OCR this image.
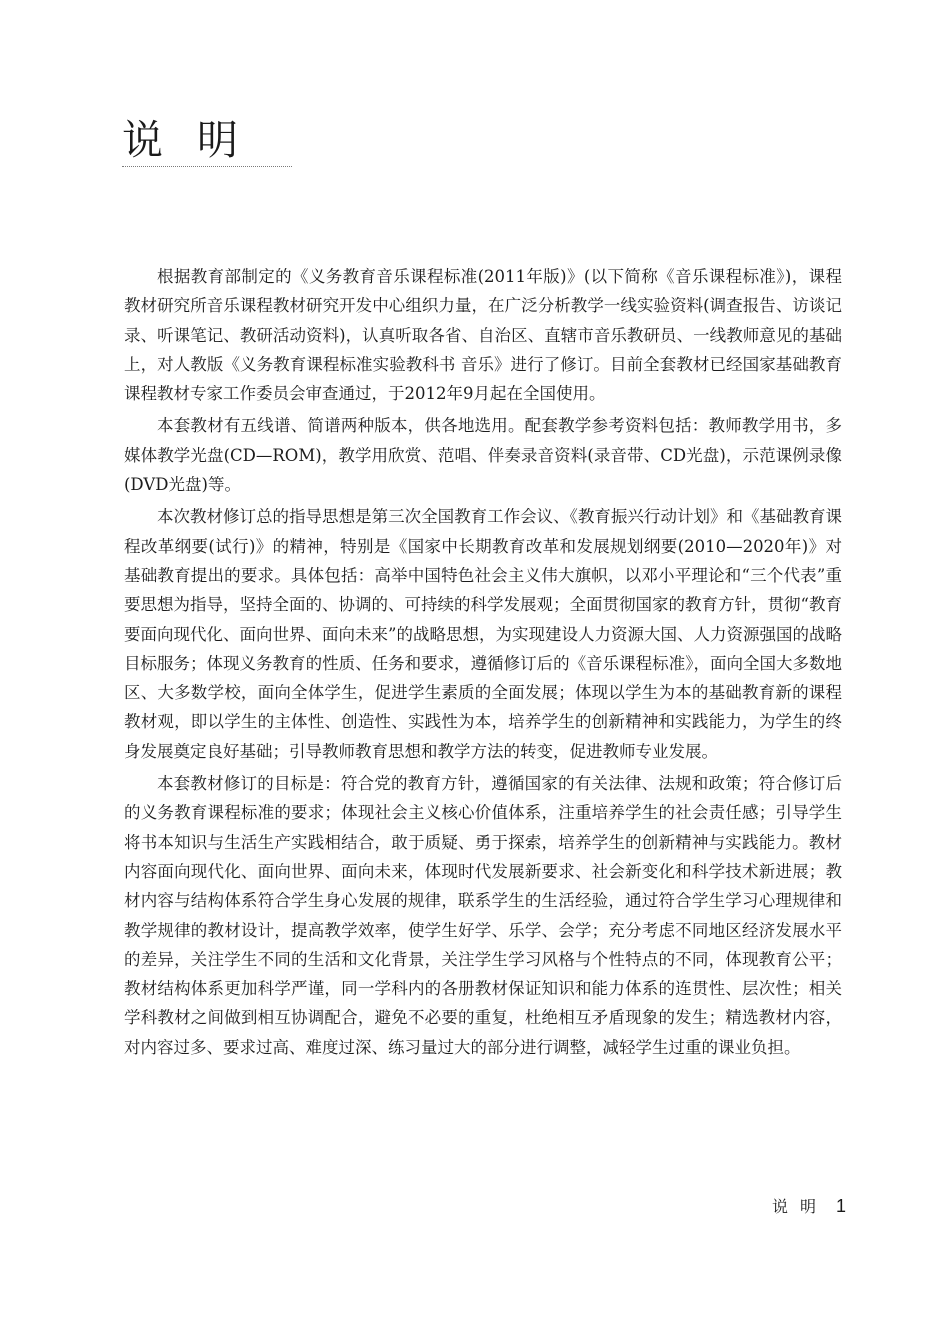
说明

根据教育部制定的《义务教育音乐课程标准(2011年版)》(以下简称《音乐课程标准》)，课程教材研究所音乐课程教材研究开发中心组织力量，在广泛分析教学一线实验资料(调查报告、访谈记录、听课笔记、教研活动资料)，认真听取各省、自治区、直辖市音乐教研员、一线教师意见的基础上，对人教版《义务教育课程标准实验教科书 音乐》进行了修订。目前全套教材已经国家基础教育课程教材专家工作委员会审查通过，于2012年9月起在全国使用。

本套教材有五线谱、简谱两种版本，供各地选用。配套教学参考资料包括：教师教学用书，多媒体教学光盘(CD—ROM)，教学用欣赏、范唱、伴奏录音资料(录音带、CD光盘)，示范课例录像(DVD光盘)等。

本次教材修订总的指导思想是第三次全国教育工作会议、《教育振兴行动计划》和《基础教育课程改革纲要(试行)》的精神，特别是《国家中长期教育改革和发展规划纲要(2010—2020年)》对基础教育提出的要求。具体包括：高举中国特色社会主义伟大旗帜，以邓小平理论和“三个代表”重要思想为指导，坚持全面的、协调的、可持续的科学发展观；全面贯彻国家的教育方针，贯彻“教育要面向现代化、面向世界、面向未来”的战略思想，为实现建设人力资源大国、人力资源强国的战略目标服务；体现义务教育的性质、任务和要求，遵循修订后的《音乐课程标准》，面向全国大多数地区、大多数学校，面向全体学生，促进学生素质的全面发展；体现以学生为本的基础教育新的课程教材观，即以学生的主体性、创造性、实践性为本，培养学生的创新精神和实践能力，为学生的终身发展奠定良好基础；引导教师教育思想和教学方法的转变，促进教师专业发展。

本套教材修订的目标是：符合党的教育方针，遵循国家的有关法律、法规和政策；符合修订后的义务教育课程标准的要求；体现社会主义核心价值体系，注重培养学生的社会责任感；引导学生将书本知识与生活生产实践相结合，敢于质疑、勇于探索，培养学生的创新精神与实践能力。教材内容面向现代化、面向世界、面向未来，体现时代发展新要求、社会新变化和科学技术新进展；教材内容与结构体系符合学生身心发展的规律，联系学生的生活经验，通过符合学生学习心理规律和教学规律的教材设计，提高教学效率，使学生好学、乐学、会学；充分考虑不同地区经济发展水平的差异，关注学生不同的生活和文化背景，关注学生学习风格与个性特点的不同，体现教育公平；教材结构体系更加科学严谨，同一学科内的各册教材保证知识和能力体系的连贯性、层次性；相关学科教材之间做到相互协调配合，避免不必要的重复，杜绝相互矛盾现象的发生；精选教材内容，对内容过多、要求过高、难度过深、练习量过大的部分进行调整，减轻学生过重的课业负担。

说明 1
